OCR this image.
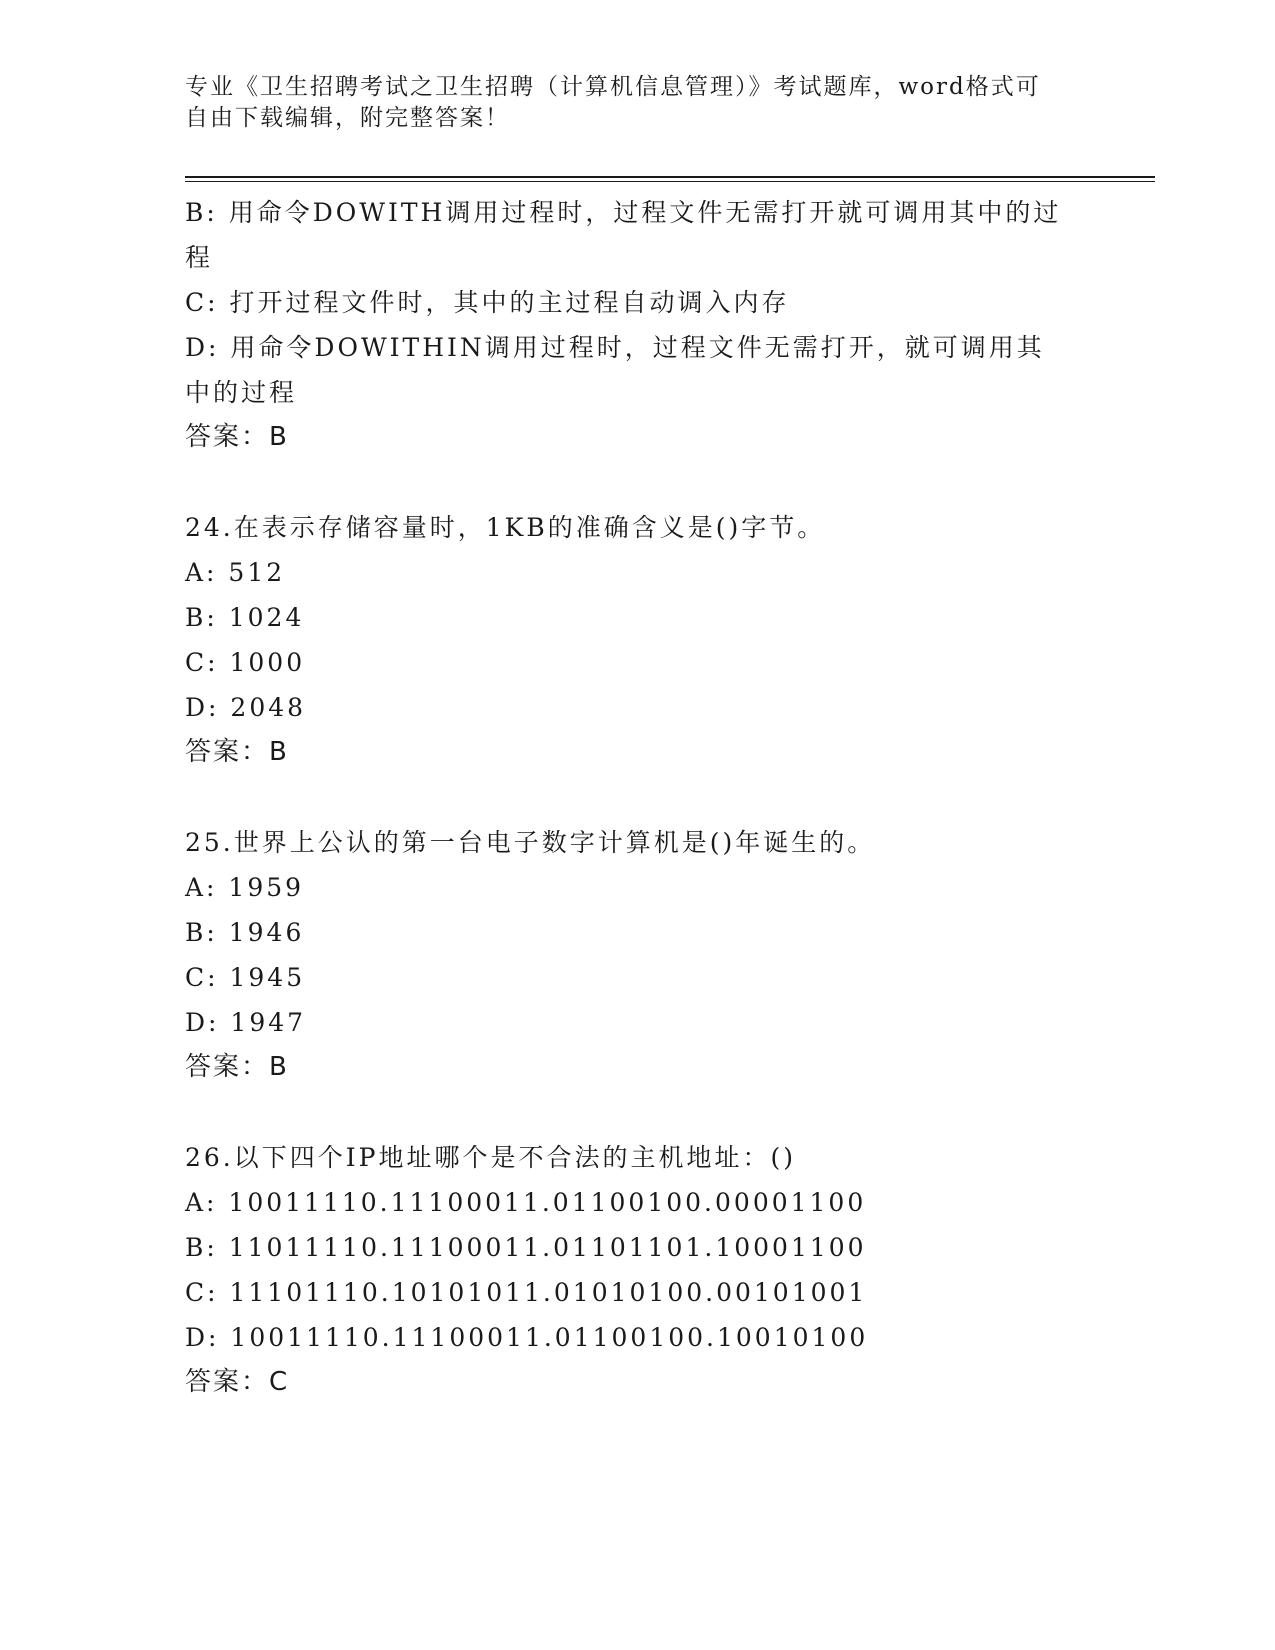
专业《卫生招聘考试之卫生招聘（计算机信息管理）》考试题库，word格式可自由下载编辑，附完整答案！
B: 用命令DOWITH调用过程时，过程文件无需打开就可调用其中的过程
C: 打开过程文件时，其中的主过程自动调入内存
D: 用命令DOWITHIN调用过程时，过程文件无需打开，就可调用其中的过程
答案：B
24.在表示存储容量时，1KB的准确含义是()字节。
A: 512
B: 1024
C: 1000
D: 2048
答案：B
25.世界上公认的第一台电子数字计算机是()年诞生的。
A: 1959
B: 1946
C: 1945
D: 1947
答案：B
26.以下四个IP地址哪个是不合法的主机地址：()
A: 10011110.11100011.01100100.00001100
B: 11011110.11100011.01101101.10001100
C: 11101110.10101011.01010100.00101001
D: 10011110.11100011.01100100.10010100
答案：C
